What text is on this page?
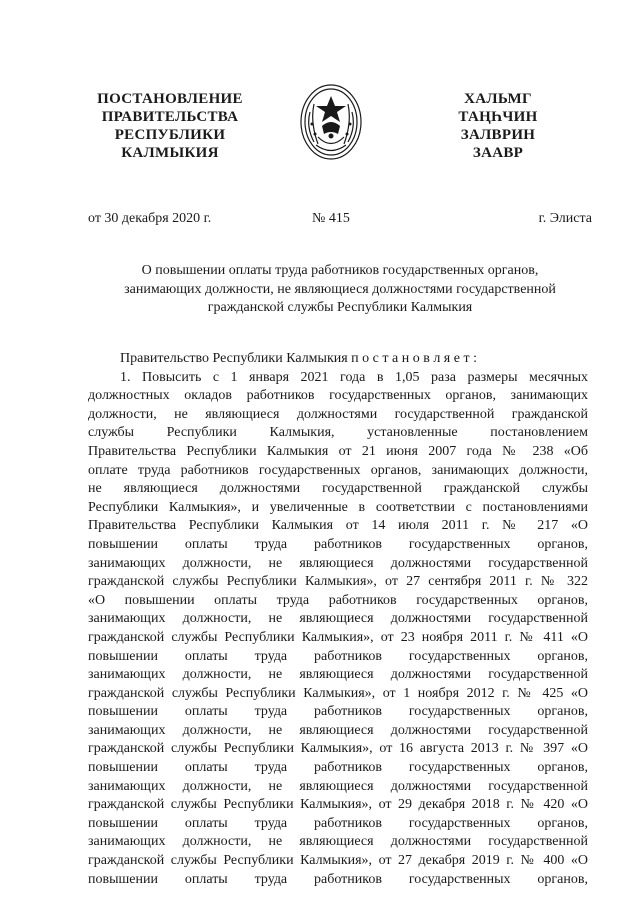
ПОСТАНОВЛЕНИЕ
ПРАВИТЕЛЬСТВА
РЕСПУБЛИКИ
КАЛМЫКИЯ
ХАЛЬМГ
ТАҢҺЧИН
ЗАЛВРИН
ЗААВР
от 30 декабря 2020 г.	№ 415	г. Элиста
О повышении оплаты труда работников государственных органов,
занимающих должности, не являющиеся должностями государственной
гражданской службы Республики Калмыкия
Правительство Республики Калмыкия п о с т а н о в л я е т :
1. Повысить с 1 января 2021 года в 1,05 раза размеры месячных
должностных окладов работников государственных органов, занимающих
должности, не являющиеся должностями государственной гражданской
службы Республики Калмыкия, установленные постановлением
Правительства Республики Калмыкия от 21 июня 2007 года № 238 «Об
оплате труда работников государственных органов, занимающих должности,
не являющиеся должностями государственной гражданской службы
Республики Калмыкия», и увеличенные в соответствии с постановлениями
Правительства Республики Калмыкия от 14 июля 2011 г. № 217 «О
повышении оплаты труда работников государственных органов,
занимающих должности, не являющиеся должностями государственной
гражданской службы Республики Калмыкия», от 27 сентября 2011 г. № 322
«О повышении оплаты труда работников государственных органов,
занимающих должности, не являющиеся должностями государственной
гражданской службы Республики Калмыкия», от 23 ноября 2011 г. № 411 «О
повышении оплаты труда работников государственных органов,
занимающих должности, не являющиеся должностями государственной
гражданской службы Республики Калмыкия», от 1 ноября 2012 г. № 425 «О
повышении оплаты труда работников государственных органов,
занимающих должности, не являющиеся должностями государственной
гражданской службы Республики Калмыкия», от 16 августа 2013 г. № 397 «О
повышении оплаты труда работников государственных органов,
занимающих должности, не являющиеся должностями государственной
гражданской службы Республики Калмыкия», от 29 декабря 2018 г. № 420 «О
повышении оплаты труда работников государственных органов,
занимающих должности, не являющиеся должностями государственной
гражданской службы Республики Калмыкия», от 27 декабря 2019 г. № 400 «О
повышении оплаты труда работников государственных органов,
